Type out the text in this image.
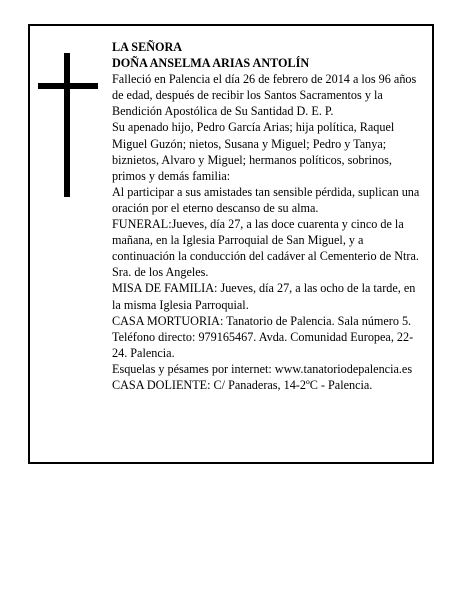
LA SEÑORA

DOÑA ANSELMA ARIAS ANTOLÍN

Falleció en Palencia el día 26 de febrero de 2014 a los 96 años de edad, después de recibir los Santos Sacramentos y la Bendición Apostólica de Su Santidad D. E. P.

Su apenado hijo, Pedro García Arias; hija política, Raquel Miguel Guzón; nietos, Susana y Miguel; Pedro y Tanya; biznietos, Alvaro y Miguel; hermanos políticos, sobrinos, primos y demás familia:

Al participar a sus amistades tan sensible pérdida, suplican una oración por el eterno descanso de su alma.

FUNERAL:Jueves, día 27, a las doce cuarenta y cinco de la mañana, en la Iglesia Parroquial de San Miguel, y a continuación la conducción del cadáver al Cementerio de Ntra. Sra. de los Angeles.

MISA DE FAMILIA: Jueves, día 27, a las ocho de la tarde, en la misma Iglesia Parroquial.

CASA MORTUORIA: Tanatorio de Palencia. Sala número 5. Teléfono directo: 979165467. Avda. Comunidad Europea, 22-24. Palencia.

Esquelas y pésames por internet: www.tanatoriodepalencia.es

CASA DOLIENTE: C/ Panaderas, 14-2ºC - Palencia.
